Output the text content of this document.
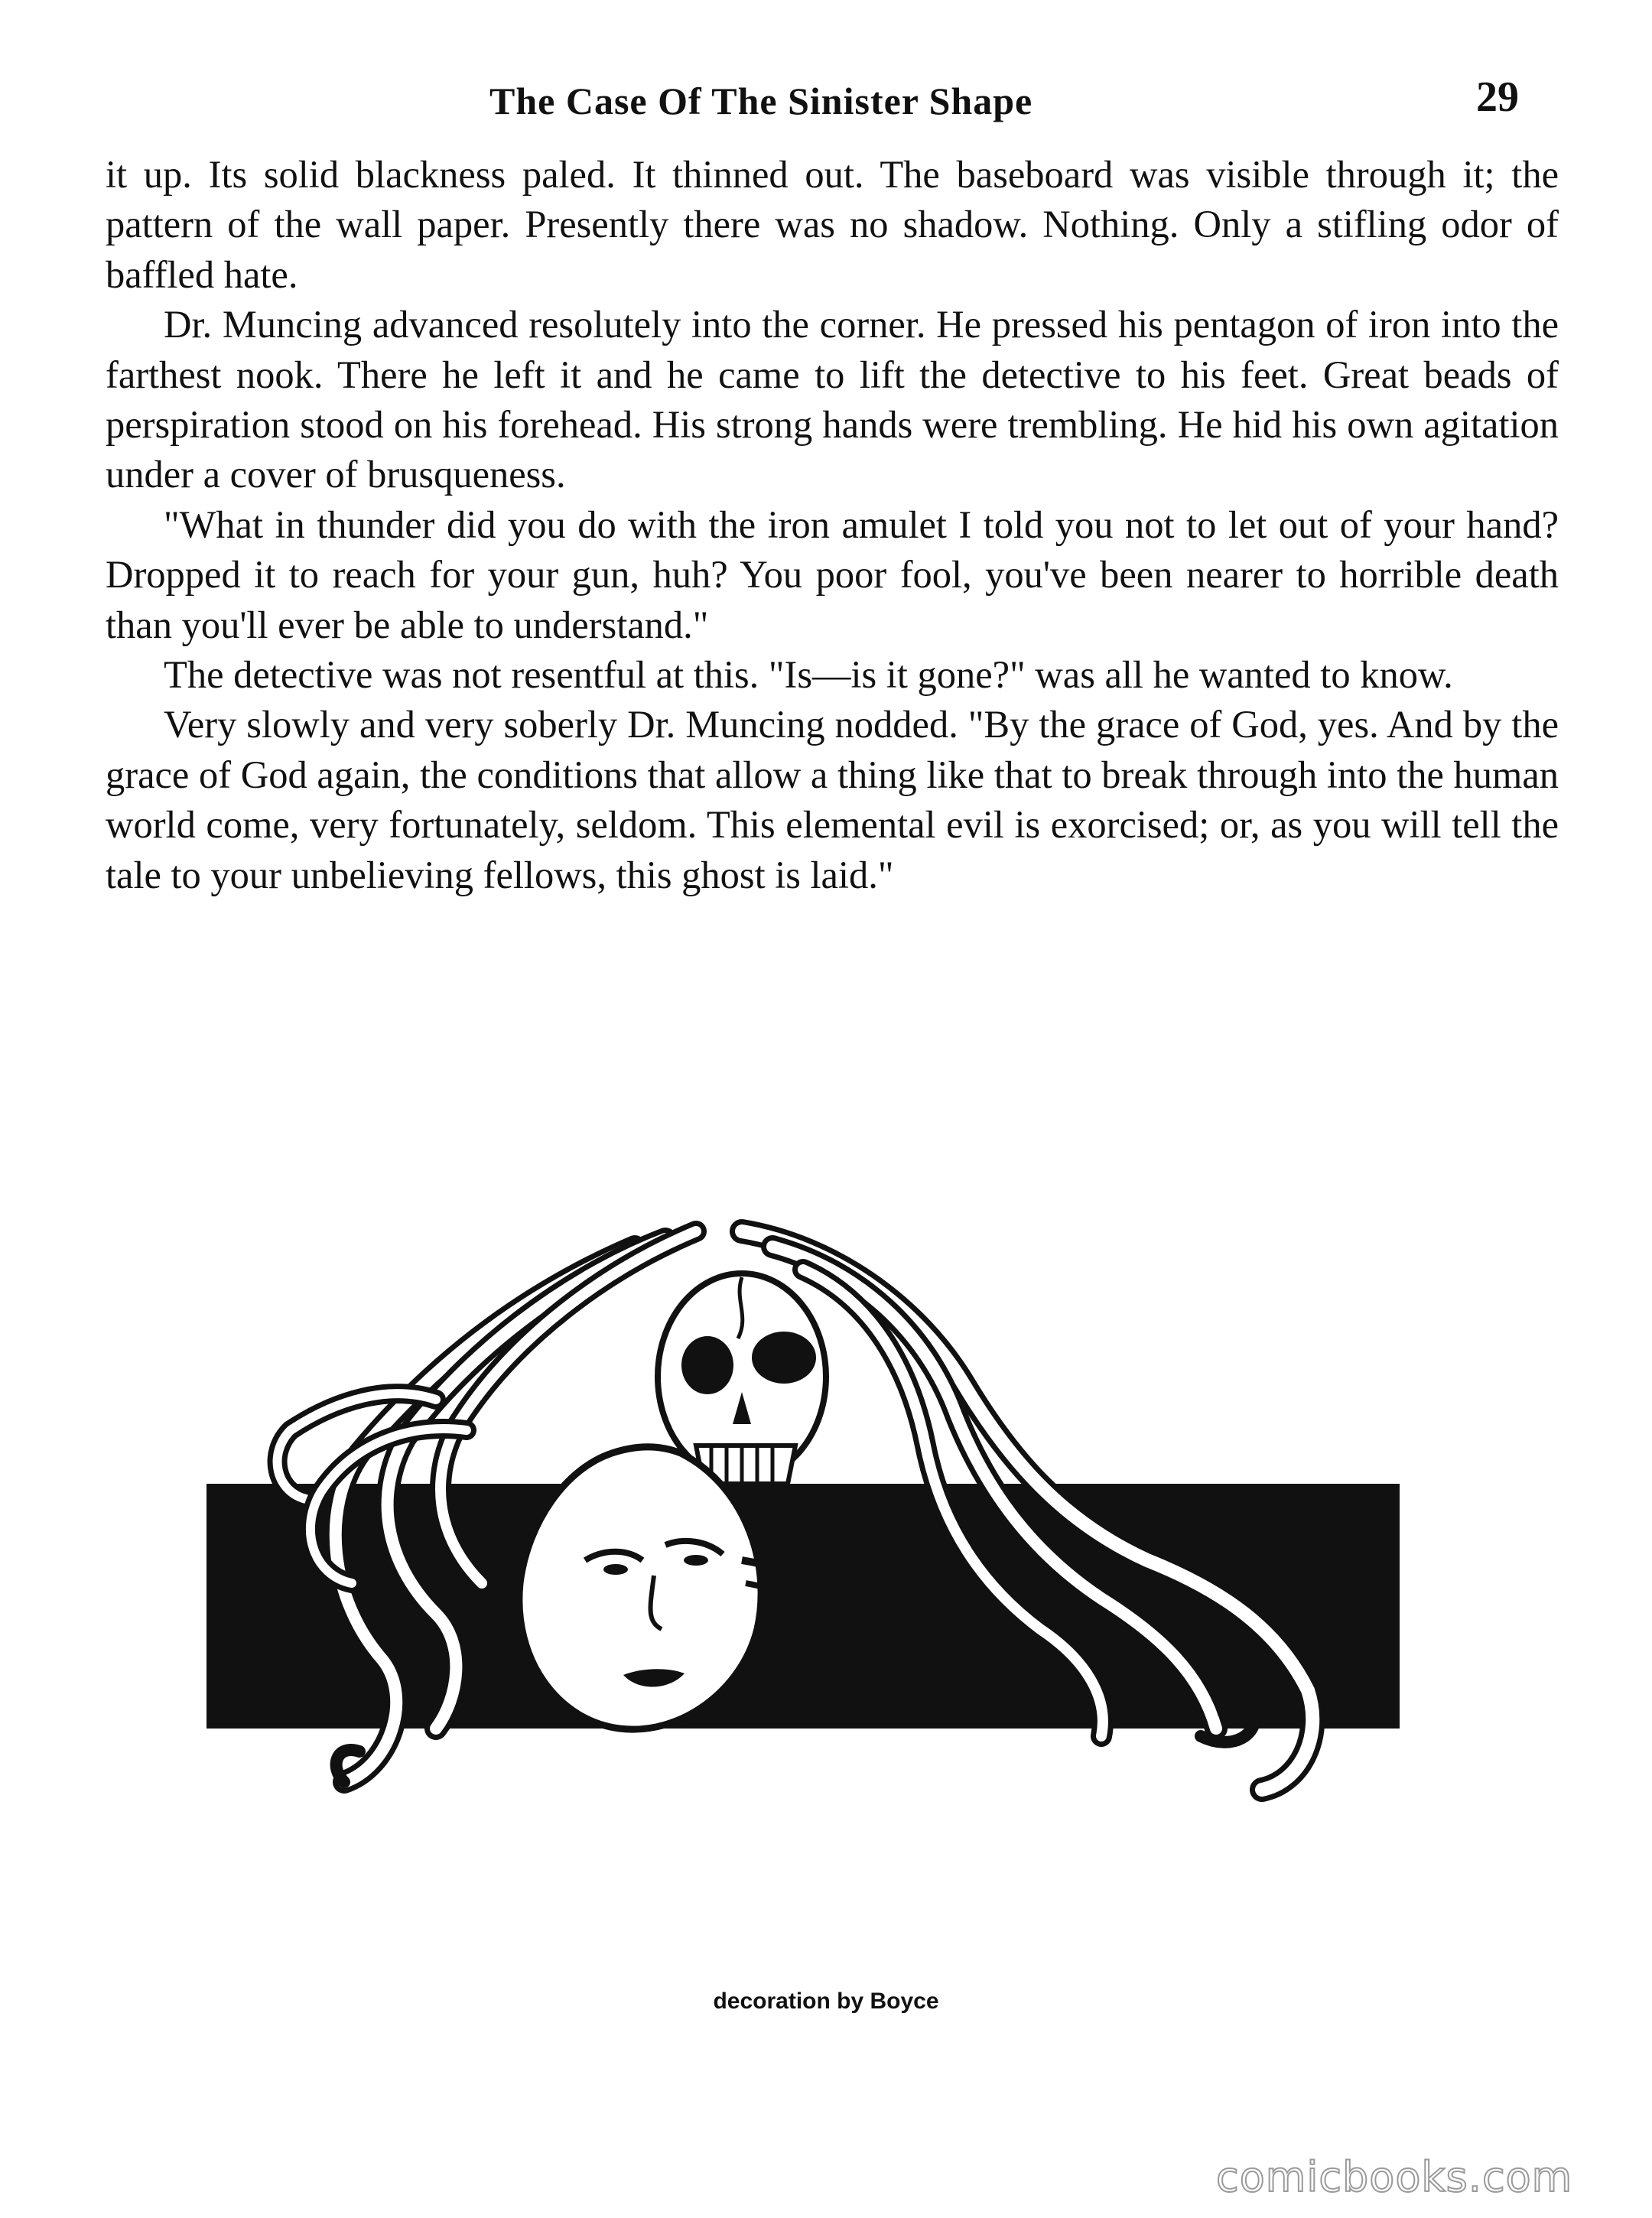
The Case Of The Sinister Shape	29

it up. Its solid blackness paled. It thinned out. The baseboard was visible through it; the pattern of the wall paper. Presently there was no shadow. Nothing. Only a stifling odor of baffled hate.

Dr. Muncing advanced resolutely into the corner. He pressed his pentagon of iron into the farthest nook. There he left it and he came to lift the detective to his feet. Great beads of perspiration stood on his forehead. His strong hands were trembling. He hid his own agitation under a cover of brusqueness.

"What in thunder did you do with the iron amulet I told you not to let out of your hand? Dropped it to reach for your gun, huh? You poor fool, you've been nearer to horrible death than you'll ever be able to understand."

The detective was not resentful at this. "Is—is it gone?" was all he wanted to know.

Very slowly and very soberly Dr. Muncing nodded. "By the grace of God, yes. And by the grace of God again, the conditions that allow a thing like that to break through into the human world come, very fortunately, seldom. This elemental evil is exorcised; or, as you will tell the tale to your unbelieving fellows, this ghost is laid."

decoration by Boyce
comicbooks.com
